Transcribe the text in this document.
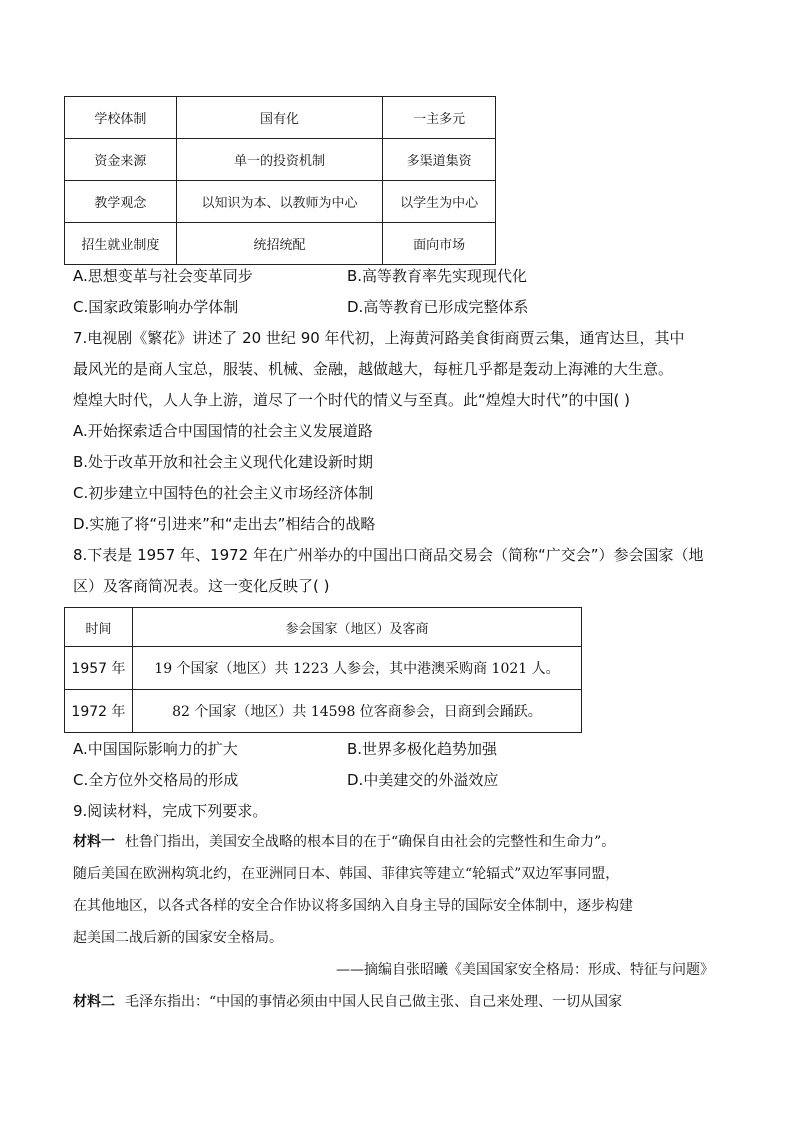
学校体制	国有化	一主多元
资金来源	单一的投资机制	多渠道集资
教学观念	以知识为本、以教师为中心	以学生为中心
招生就业制度	统招统配	面向市场
A.思想变革与社会变革同步	B.高等教育率先实现现代化
C.国家政策影响办学体制	D.高等教育已形成完整体系
7.电视剧《繁花》讲述了 20 世纪 90 年代初，上海黄河路美食街商贾云集，通宵达旦，其中
最风光的是商人宝总，服装、机械、金融，越做越大，每桩几乎都是轰动上海滩的大生意。
煌煌大时代，人人争上游，道尽了一个时代的情义与至真。此“煌煌大时代”的中国( )
A.开始探索适合中国国情的社会主义发展道路
B.处于改革开放和社会主义现代化建设新时期
C.初步建立中国特色的社会主义市场经济体制
D.实施了将“引进来”和“走出去”相结合的战略
8.下表是 1957 年、1972 年在广州举办的中国出口商品交易会（简称“广交会”）参会国家（地
区）及客商简况表。这一变化反映了( )
时间	参会国家（地区）及客商
1957 年	19 个国家（地区）共 1223 人参会，其中港澳采购商 1021 人。
1972 年	82 个国家（地区）共 14598 位客商参会，日商到会踊跃。
A.中国国际影响力的扩大	B.世界多极化趋势加强
C.全方位外交格局的形成	D.中美建交的外溢效应
9.阅读材料，完成下列要求。
材料一 杜鲁门指出，美国安全战略的根本目的在于“确保自由社会的完整性和生命力”。
随后美国在欧洲构筑北约，在亚洲同日本、韩国、菲律宾等建立“轮辐式”双边军事同盟，
在其他地区，以各式各样的安全合作协议将多国纳入自身主导的国际安全体制中，逐步构建
起美国二战后新的国家安全格局。
——摘编自张昭曦《美国国家安全格局：形成、特征与问题》
材料二 毛泽东指出：“中国的事情必须由中国人民自己做主张、自己来处理、一切从国家
